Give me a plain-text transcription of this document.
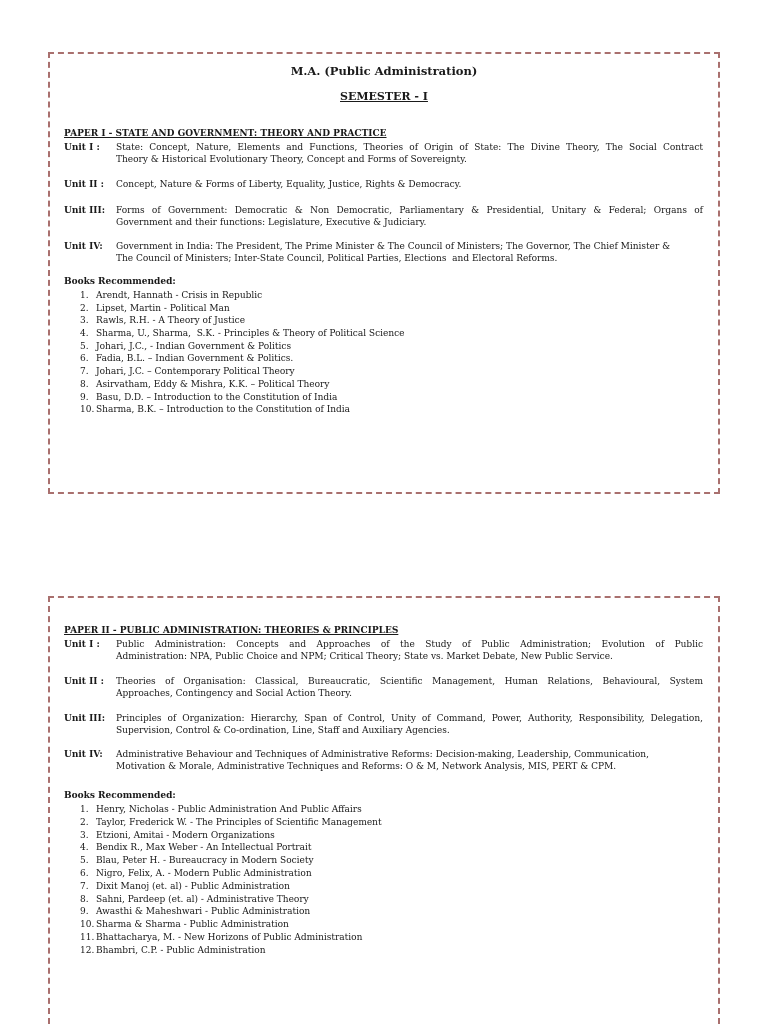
M.A. (Public Administration)
SEMESTER - I
PAPER I - STATE AND GOVERNMENT: THEORY AND PRACTICE
Unit I : State: Concept, Nature, Elements and Functions, Theories of Origin of State: The Divine Theory, The Social Contract
Theory & Historical Evolutionary Theory, Concept and Forms of Sovereignty.
Unit II : Concept, Nature & Forms of Liberty, Equality, Justice, Rights & Democracy.
Unit III: Forms of Government: Democratic & Non Democratic, Parliamentary & Presidential, Unitary & Federal; Organs of
Government and their functions: Legislature, Executive & Judiciary.
Unit IV: Government in India: The President, The Prime Minister & The Council of Ministers; The Governor, The Chief Minister &
The Council of Ministers; Inter-State Council, Political Parties, Elections  and Electoral Reforms.
Books Recommended:
1. Arendt, Hannath - Crisis in Republic
2. Lipset, Martin - Political Man
3. Rawls, R.H. - A Theory of Justice
4. Sharma, U., Sharma,  S.K. - Principles & Theory of Political Science
5. Johari, J.C., - Indian Government & Politics
6. Fadia, B.L. – Indian Government & Politics.
7. Johari, J.C. – Contemporary Political Theory
8. Asirvatham, Eddy & Mishra, K.K. – Political Theory
9. Basu, D.D. – Introduction to the Constitution of India
10. Sharma, B.K. – Introduction to the Constitution of India
PAPER II - PUBLIC ADMINISTRATION: THEORIES & PRINCIPLES
Unit I : Public Administration: Concepts and Approaches of the Study of Public Administration; Evolution of Public
Administration: NPA, Public Choice and NPM; Critical Theory; State vs. Market Debate, New Public Service.
Unit II : Theories of Organisation: Classical, Bureaucratic, Scientific Management, Human Relations, Behavioural, System
Approaches, Contingency and Social Action Theory.
Unit III: Principles of Organization: Hierarchy, Span of Control, Unity of Command, Power, Authority, Responsibility, Delegation,
Supervision, Control & Co-ordination, Line, Staff and Auxiliary Agencies.
Unit IV: Administrative Behaviour and Techniques of Administrative Reforms: Decision-making, Leadership, Communication,
Motivation & Morale, Administrative Techniques and Reforms: O & M, Network Analysis, MIS, PERT & CPM.
Books Recommended:
1. Henry, Nicholas - Public Administration And Public Affairs
2. Taylor, Frederick W. - The Principles of Scientific Management
3. Etzioni, Amitai - Modern Organizations
4. Bendix R., Max Weber - An Intellectual Portrait
5. Blau, Peter H. - Bureaucracy in Modern Society
6. Nigro, Felix, A. - Modern Public Administration
7. Dixit Manoj (et. al) - Public Administration
8. Sahni, Pardeep (et. al) - Administrative Theory
9. Awasthi & Maheshwari - Public Administration
10. Sharma & Sharma - Public Administration
11. Bhattacharya, M. - New Horizons of Public Administration
12. Bhambri, C.P. - Public Administration
